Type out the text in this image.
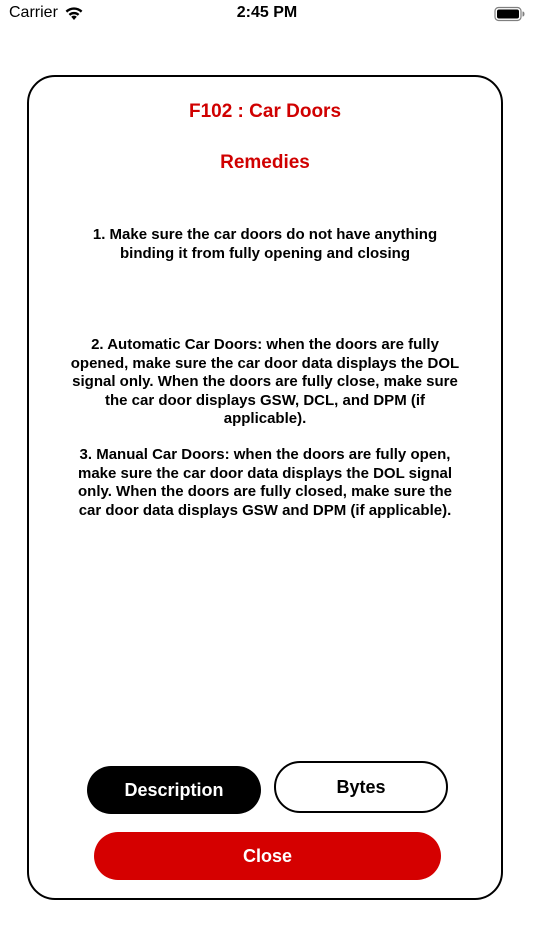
Carrier	2:45 PM
F102 : Car Doors
Remedies
1. Make sure the car doors do not have anything binding it from fully opening and closing
2. Automatic Car Doors: when the doors are fully opened, make sure the car door data displays the DOL signal only. When the doors are fully close, make sure the car door displays GSW, DCL, and DPM (if applicable).
3. Manual Car Doors: when the doors are fully open, make sure the car door data displays the DOL signal only. When the doors are fully closed, make sure the car door data displays GSW and DPM (if applicable).
Description	Bytes
Close
